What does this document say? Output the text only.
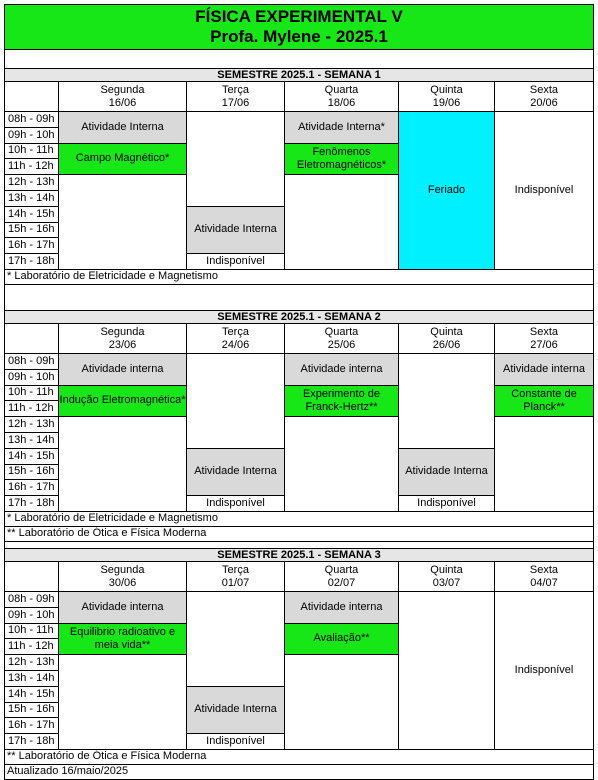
FÍSICA EXPERIMENTAL V
Profa. Mylene - 2025.1
SEMESTRE 2025.1 - SEMANA 1
Segunda
16/06
Terça
17/06
Quarta
18/06
Quinta
19/06
Sexta
20/06
08h - 09h
09h - 10h
10h - 11h
11h - 12h
12h - 13h
13h - 14h
14h - 15h
15h - 16h
16h - 17h
17h - 18h
Atividade Interna
Campo Magnético*
Atividade Interna
Indisponível
Atividade Interna*
Fenômenos Eletromagnéticos*
Feriado	Indisponível
* Laboratório de Eletricidade e Magnetismo
SEMESTRE 2025.1 - SEMANA 2
Segunda
23/06
Terça
24/06
Quarta
25/06
Quinta
26/06
Sexta
27/06
08h - 09h
09h - 10h
10h - 11h
11h - 12h
12h - 13h
13h - 14h
14h - 15h
15h - 16h
16h - 17h
17h - 18h
Atividade interna
Indução Eletromagnética*
Atividade Interna
Indisponível
Atividade interna
Experimento de Franck-Hertz**
Atividade Interna
Indisponível
Atividade interna
Constante de Planck**
* Laboratório de Eletricidade e Magnetismo
** Laboratório de Ótica e Física Moderna
SEMESTRE 2025.1 - SEMANA 3
Segunda
30/06
Terça
01/07
Quarta
02/07
Quinta
03/07
Sexta
04/07
08h - 09h
09h - 10h
10h - 11h
11h - 12h
12h - 13h
13h - 14h
14h - 15h
15h - 16h
16h - 17h
17h - 18h
Atividade interna
Equilibrio radioativo e meia vida**
Atividade Interna
Indisponível
Atividade interna
Avaliação**
Indisponível
** Laboratório de Ótica e Física Moderna
Atualizado 16/maio/2025
